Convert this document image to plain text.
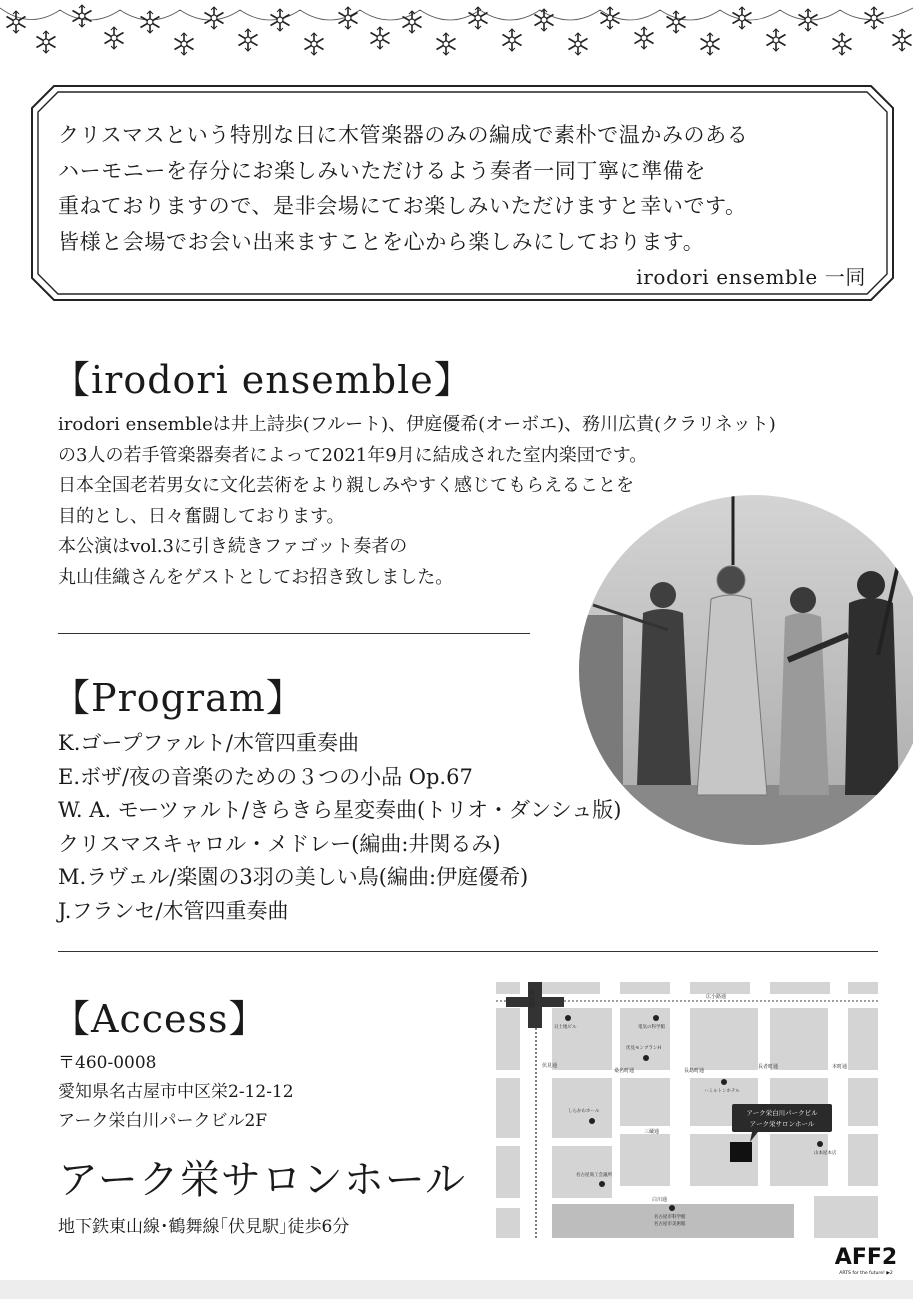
クリスマスという特別な日に木管楽器のみの編成で素朴で温かみのある
ハーモニーを存分にお楽しみいただけるよう奏者一同丁寧に準備を
重ねておりますので、是非会場にてお楽しみいただけますと幸いです。
皆様と会場でお会い出来ますことを心から楽しみにしております。
irodori ensemble 一同
【irodori ensemble】
irodori ensembleは井上詩歩(フルート)、伊庭優希(オーボエ)、務川広貴(クラリネット)
の3人の若手管楽器奏者によって2021年9月に結成された室内楽団です。
日本全国老若男女に文化芸術をより親しみやすく感じてもらえることを
目的とし、日々奮闘しております。
本公演はvol.3に引き続きファゴット奏者の
丸山佳織さんをゲストとしてお招き致しました。
【Program】
K.ゴープファルト/木管四重奏曲
E.ボザ/夜の音楽のための３つの小品 Op.67
W. A. モーツァルト/きらきら星変奏曲(トリオ・ダンシュ版)
クリスマスキャロル・メドレー(編曲:井関るみ)
M.ラヴェル/楽園の3羽の美しい鳥(編曲:伊庭優希)
J.フランセ/木管四重奏曲
【Access】
〒460-0008
愛知県名古屋市中区栄2-12-12
アーク栄白川パークビル2F
アーク栄サロンホール
地下鉄東山線･鶴舞線｢伏見駅｣徒歩6分
伏見駅	広小路通
伏見通
桑名町通	長島町通
長者町通	本町通
三蔵通
白川通
日土地ビル	電気の科学館
伏見モンブランH
ハミルトンホテル
しらかわホール
山本屋本店
名古屋商工会議所
名古屋市科学館
名古屋市美術館
アーク栄白川パークビル
アーク栄サロンホール
AFF2
ARTS for the future! ▶2
